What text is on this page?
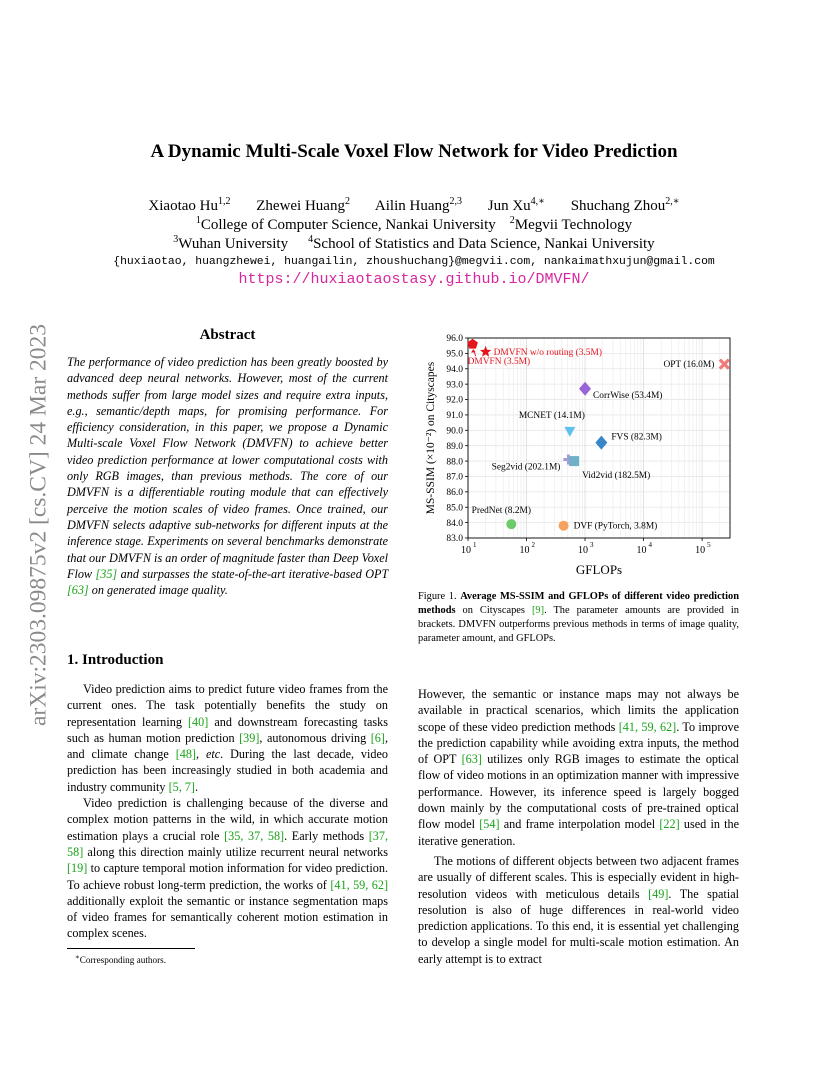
arXiv:2303.09875v2 [cs.CV] 24 Mar 2023
A Dynamic Multi-Scale Voxel Flow Network for Video Prediction
Xiaotao Hu$^{1,2}$ Zhewei Huang$^2$ Ailin Huang$^{2,3}$ Jun $Xu^{4,∗}$ Shuchang Zhou$^{2,∗}$
$^1$College of Computer Science, Nankai University $^2$Megvii Technology
$^3$Wuhan University $^4$School of Statistics and Data Science, Nankai University
{huxiaotao, huangzhewei, huangailin, zhoushuchang}@megvii.com, nankaimathxujun@gmail.com
https://huxiaotaostasy.github.io/DMVFN/
Abstract
The performance of video prediction has been greatly boosted by advanced deep neural networks. However, most of the current methods suffer from large model sizes and require extra inputs, e.g., semantic/depth maps, for promising performance. For efficiency consideration, in this paper, we propose a Dynamic Multi-scale Voxel Flow Network (DMVFN) to achieve better video prediction performance at lower computational costs with only RGB images, than previous methods. The core of our DMVFN is a differentiable routing module that can effectively perceive the motion scales of video frames. Once trained, our DMVFN selects adaptive sub-networks for different inputs at the inference stage. Experiments on several benchmarks demonstrate that our DMVFN is an order of magnitude faster than Deep Voxel Flow [35] and surpasses the state-of-the-art iterative-based OPT [63] on generated image quality.
1. Introduction

Video prediction aims to predict future video frames from the current ones. The task potentially benefits the study on representation learning [40] and downstream forecasting tasks such as human motion prediction [39], autonomous driving [6], and climate change [48], etc. During the last decade, video prediction has been increasingly studied in both academia and industry community [5, 7].

Video prediction is challenging because of the diverse and complex motion patterns in the wild, in which accurate motion estimation plays a crucial role [35, 37, 58]. Early methods [37, 58] along this direction mainly utilize recurrent neural networks [19] to capture temporal motion information for video prediction. To achieve robust long-term prediction, the works of [41, 59, 62] additionally exploit the semantic or instance segmentation maps of video frames for semantically coherent motion estimation in complex scenes.

∗Corresponding authors.
83.0
84.0
85.0
86.0
87.0
88.0
89.0
90.0
91.0
92.0
93.0
94.0
95.0
96.0
10 1	10 2	10 3	10 4	10 5
GFLOPs
MS-SSIM (×10⁻²) on Cityscapes
DMVFN w/o routing (3.5M)
DMVFN (3.5M)	OPT (16.0M)
CorrWise (53.4M)
MCNET (14.1M)
FVS (82.3M)
Seg2vid (202.1M)
Vid2vid (182.5M)
PredNet (8.2M)
DVF (PyTorch, 3.8M)
Figure 1. Average MS-SSIM and GFLOPs of different video prediction methods on Cityscapes [9]. The parameter amounts are provided in brackets. DMVFN outperforms previous methods in terms of image quality, parameter amount, and GFLOPs.

However, the semantic or instance maps may not always be available in practical scenarios, which limits the application scope of these video prediction methods [41, 59, 62]. To improve the prediction capability while avoiding extra inputs, the method of OPT [63] utilizes only RGB images to estimate the optical flow of video motions in an optimization manner with impressive performance. However, its inference speed is largely bogged down mainly by the computational costs of pre-trained optical flow model [54] and frame interpolation model [22] used in the iterative generation.

The motions of different objects between two adjacent frames are usually of different scales. This is especially evident in high-resolution videos with meticulous details [49]. The spatial resolution is also of huge differences in real-world video prediction applications. To this end, it is essential yet challenging to develop a single model for multi-scale motion estimation. An early attempt is to extract
